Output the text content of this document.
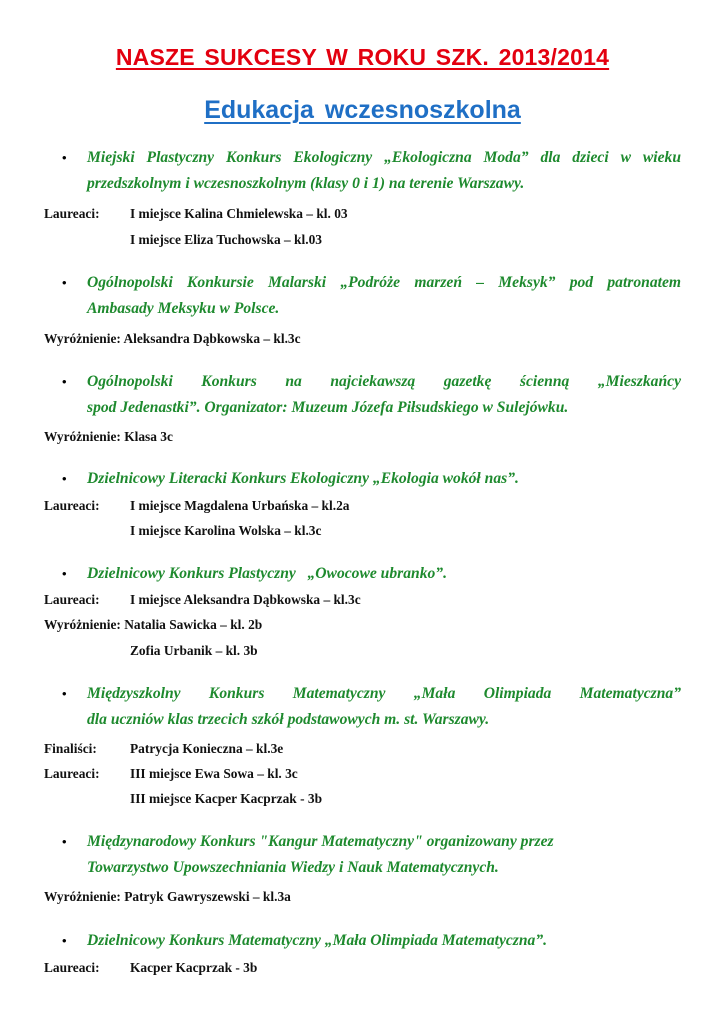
NASZE SUKCESY W ROKU SZK. 2013/2014
Edukacja wczesnoszkolna
• Miejski Plastyczny Konkurs Ekologiczny „Ekologiczna Moda” dla dzieci w wieku
przedszkolnym i wczesnoszkolnym (klasy 0 i 1) na terenie Warszawy.
Laureaci: I miejsce Kalina Chmielewska – kl. 03
I miejsce Eliza Tuchowska – kl.03
• Ogólnopolski Konkursie Malarski „Podróże marzeń – Meksyk” pod patronatem
Ambasady Meksyku w Polsce.
Wyróżnienie: Aleksandra Dąbkowska – kl.3c
• Ogólnopolski Konkurs na najciekawszą gazetkę ścienną „Mieszkańcy
spod Jedenastki”. Organizator: Muzeum Józefa Piłsudskiego w Sulejówku.
Wyróżnienie: Klasa 3c
• Dzielnicowy Literacki Konkurs Ekologiczny „Ekologia wokół nas”.
Laureaci: I miejsce Magdalena Urbańska – kl.2a
I miejsce Karolina Wolska – kl.3c
• Dzielnicowy Konkurs Plastyczny   „Owocowe ubranko”.
Laureaci: I miejsce Aleksandra Dąbkowska – kl.3c
Wyróżnienie: Natalia Sawicka – kl. 2b
Zofia Urbanik – kl. 3b
• Międzyszkolny Konkurs Matematyczny „Mała Olimpiada Matematyczna”
dla uczniów klas trzecich szkół podstawowych m. st. Warszawy.
Finaliści: Patrycja Konieczna – kl.3e
Laureaci: III miejsce Ewa Sowa – kl. 3c
III miejsce Kacper Kacprzak - 3b
• Międzynarodowy Konkurs "Kangur Matematyczny" organizowany przez
Towarzystwo Upowszechniania Wiedzy i Nauk Matematycznych.
Wyróżnienie: Patryk Gawryszewski – kl.3a
• Dzielnicowy Konkurs Matematyczny „Mała Olimpiada Matematyczna”.
Laureaci: Kacper Kacprzak - 3b
